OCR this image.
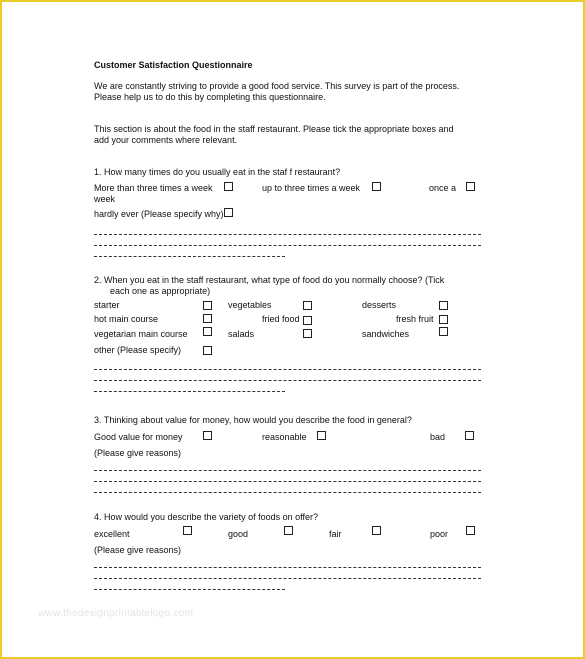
Customer Satisfaction Questionnaire
We are constantly striving to provide a good food service. This survey is part of the process.
Please help us to do this by completing this questionnaire.
This section is about the food in the staff restaurant. Please tick the appropriate boxes and
add your comments where relevant.
1. How many times do you usually eat in the staf f restaurant?
More than three times a week	up to three times a week	once a
week
hardly ever (Please specify why)
2. When you eat in the staff restaurant, what type of food do you normally choose? (Tick
each one as appropriate)
starter	vegetables	desserts
hot main course	fried food	fresh fruit
vegetarian main course	salads	sandwiches
other (Please specify)
3. Thinking about value for money, how would you describe the food in general?
Good value for money	reasonable	bad
(Please give reasons)
4. How would you describe the variety of foods on offer?
excellent	good	fair	poor
(Please give reasons)
www.thedesignprintablelogo.com
